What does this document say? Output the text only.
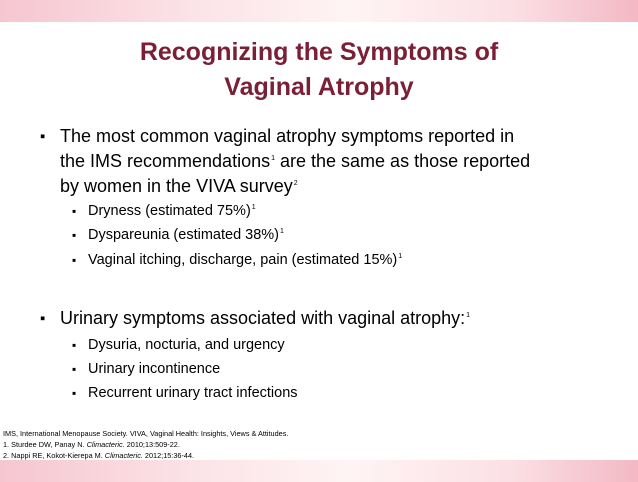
Recognizing the Symptoms of
Vaginal Atrophy
▪ The most common vaginal atrophy symptoms reported in
the IMS recommendations$^1$ are the same as those reported
by women in the VIVA survey$^2$
▪ Dryness (estimated 75%)$^1$
▪ Dyspareunia (estimated 38%)$^1$
▪ Vaginal itching, discharge, pain (estimated 15%)$^1$
▪ Urinary symptoms associated with vaginal atrophy:$^1$
▪ Dysuria, nocturia, and urgency
▪ Urinary incontinence
▪ Recurrent urinary tract infections
IMS, International Menopause Society. VIVA, Vaginal Health: Insights, Views & Attitudes.
1. Sturdee DW, Panay N. Climacteric. 2010;13:509-22.
2. Nappi RE, Kokot-Kierepa M. Climacteric. 2012;15:36-44.
